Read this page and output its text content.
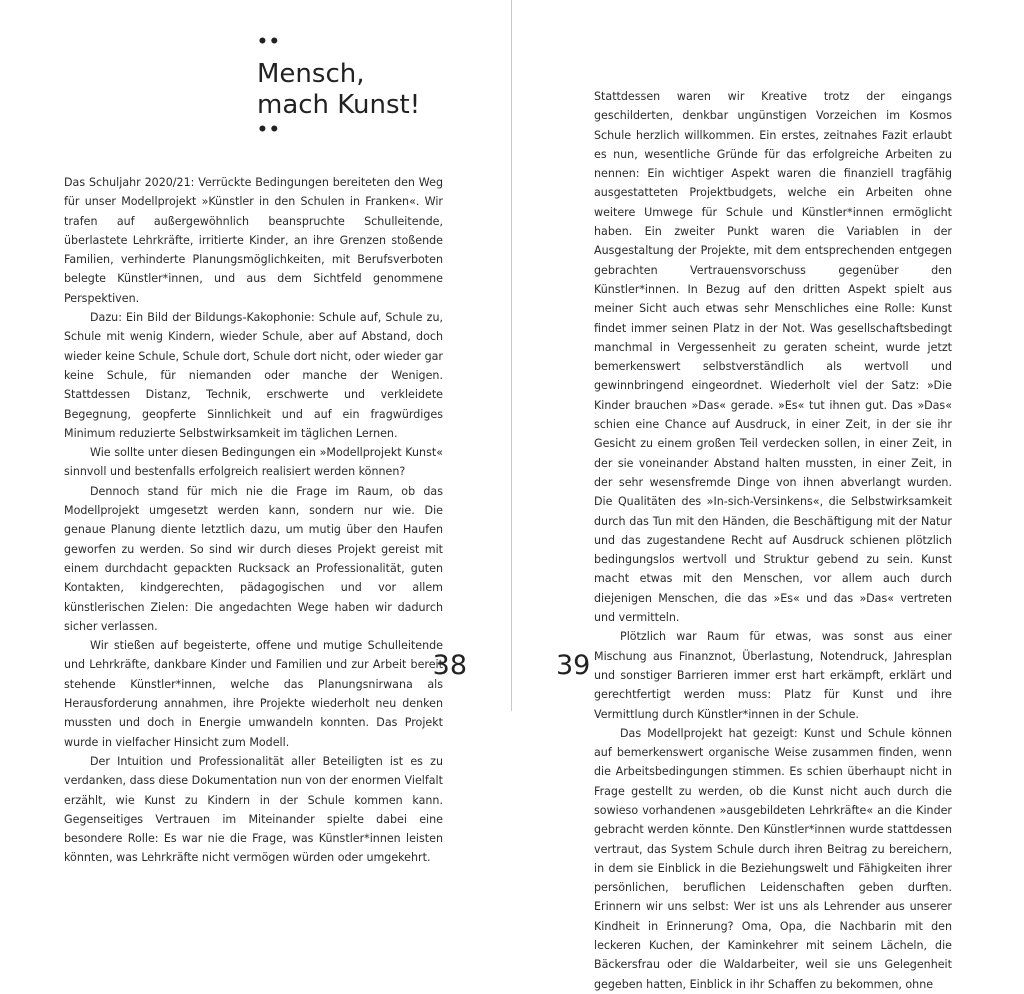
••
Mensch,
mach Kunst!
••

Das Schuljahr 2020/21: Verrückte Bedingungen bereiteten den Weg für unser Modellprojekt »Künstler in den Schulen in Franken«. Wir trafen auf außergewöhnlich beanspruchte Schulleitende, überlastete Lehrkräfte, irritierte Kinder, an ihre Grenzen stoßende Familien, verhinderte Planungsmöglichkeiten, mit Berufsverboten belegte Künstler*innen, und aus dem Sichtfeld genommene Perspektiven.

Dazu: Ein Bild der Bildungs-Kakophonie: Schule auf, Schule zu, Schule mit wenig Kindern, wieder Schule, aber auf Abstand, doch wieder keine Schule, Schule dort, Schule dort nicht, oder wieder gar keine Schule, für niemanden oder manche der Wenigen. Stattdessen Distanz, Technik, erschwerte und verkleidete Begegnung, geopferte Sinnlichkeit und auf ein fragwürdiges Minimum reduzierte Selbstwirksamkeit im täglichen Lernen.

Wie sollte unter diesen Bedingungen ein »Modellprojekt Kunst« sinnvoll und bestenfalls erfolgreich realisiert werden können?

Dennoch stand für mich nie die Frage im Raum, ob das Modellprojekt umgesetzt werden kann, sondern nur wie. Die genaue Planung diente letztlich dazu, um mutig über den Haufen geworfen zu werden. So sind wir durch dieses Projekt gereist mit einem durchdacht gepackten Rucksack an Professionalität, guten Kontakten, kindgerechten, pädagogischen und vor allem künstlerischen Zielen: Die angedachten Wege haben wir dadurch sicher verlassen.

Wir stießen auf begeisterte, offene und mutige Schulleitende und Lehrkräfte, dankbare Kinder und Familien und zur Arbeit bereit stehende Künstler*innen, welche das Planungsnirwana als Herausforderung annahmen, ihre Projekte wiederholt neu denken mussten und doch in Energie umwandeln konnten. Das Projekt wurde in vielfacher Hinsicht zum Modell.

Der Intuition und Professionalität aller Beteiligten ist es zu verdanken, dass diese Dokumentation nun von der enormen Vielfalt erzählt, wie Kunst zu Kindern in der Schule kommen kann. Gegenseitiges Vertrauen im Miteinander spielte dabei eine besondere Rolle: Es war nie die Frage, was Künstler*innen leisten könnten, was Lehrkräfte nicht vermögen würden oder umgekehrt.

38

Stattdessen waren wir Kreative trotz der eingangs geschilderten, denkbar ungünstigen Vorzeichen im Kosmos Schule herzlich willkommen. Ein erstes, zeitnahes Fazit erlaubt es nun, wesentliche Gründe für das erfolgreiche Arbeiten zu nennen: Ein wichtiger Aspekt waren die finanziell tragfähig ausgestatteten Projektbudgets, welche ein Arbeiten ohne weitere Umwege für Schule und Künstler*innen ermöglicht haben. Ein zweiter Punkt waren die Variablen in der Ausgestaltung der Projekte, mit dem entsprechenden entgegen gebrachten Vertrauensvorschuss gegenüber den Künstler*innen. In Bezug auf den dritten Aspekt spielt aus meiner Sicht auch etwas sehr Menschliches eine Rolle: Kunst findet immer seinen Platz in der Not. Was gesellschaftsbedingt manchmal in Vergessenheit zu geraten scheint, wurde jetzt bemerkenswert selbstverständlich als wertvoll und gewinnbringend eingeordnet. Wiederholt viel der Satz: »Die Kinder brauchen »Das« gerade. »Es« tut ihnen gut. Das »Das« schien eine Chance auf Ausdruck, in einer Zeit, in der sie ihr Gesicht zu einem großen Teil verdecken sollen, in einer Zeit, in der sie voneinander Abstand halten mussten, in einer Zeit, in der sehr wesensfremde Dinge von ihnen abverlangt wurden. Die Qualitäten des »In-sich-Versinkens«, die Selbstwirksamkeit durch das Tun mit den Händen, die Beschäftigung mit der Natur und das zugestandene Recht auf Ausdruck schienen plötzlich bedingungslos wertvoll und Struktur gebend zu sein. Kunst macht etwas mit den Menschen, vor allem auch durch diejenigen Menschen, die das »Es« und das »Das« vertreten und vermitteln.

Plötzlich war Raum für etwas, was sonst aus einer Mischung aus Finanznot, Überlastung, Notendruck, Jahresplan und sonstiger Barrieren immer erst hart erkämpft, erklärt und gerechtfertigt werden muss: Platz für Kunst und ihre Vermittlung durch Künstler*innen in der Schule.

Das Modellprojekt hat gezeigt: Kunst und Schule können auf bemerkenswert organische Weise zusammen finden, wenn die Arbeitsbedingungen stimmen. Es schien überhaupt nicht in Frage gestellt zu werden, ob die Kunst nicht auch durch die sowieso vorhandenen »ausgebildeten Lehrkräfte« an die Kinder gebracht werden könnte. Den Künstler*innen wurde stattdessen vertraut, das System Schule durch ihren Beitrag zu bereichern, in dem sie Einblick in die Beziehungswelt und Fähigkeiten ihrer persönlichen, beruflichen Leidenschaften geben durften. Erinnern wir uns selbst: Wer ist uns als Lehrender aus unserer Kindheit in Erinnerung? Oma, Opa, die Nachbarin mit den leckeren Kuchen, der Kaminkehrer mit seinem Lächeln, die Bäckersfrau oder die Waldarbeiter, weil sie uns Gelegenheit gegeben hatten, Einblick in ihr Schaffen zu bekommen, ohne

39
